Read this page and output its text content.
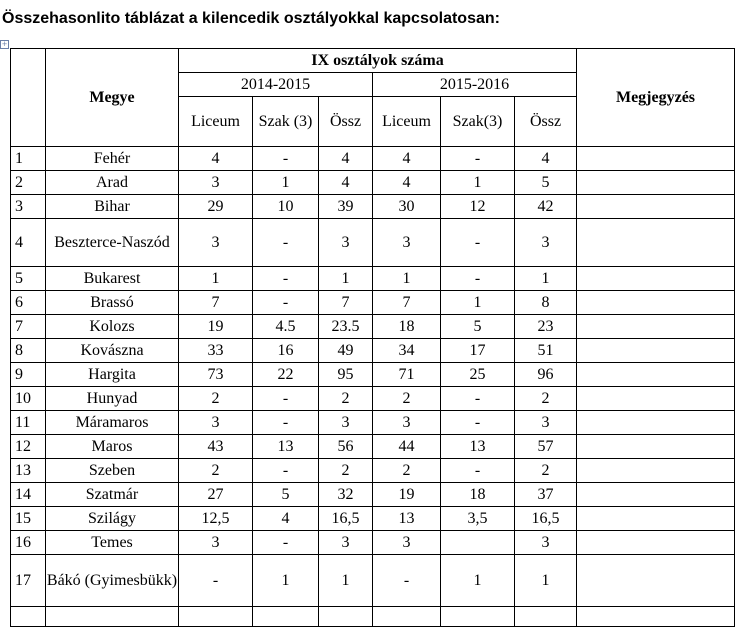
Összehasonlito táblázat a kilencedik osztályokkal kapcsolatosan:
+
	Megye	IX osztályok száma						Megjegyzés
		2014-2015			2015-2016			
		Liceum	Szak (3)	Össz	Liceum	Szak(3)	Össz	
1	Fehér	4	-	4	4	-	4	
2	Arad	3	1	4	4	1	5	
3	Bihar	29	10	39	30	12	42	
4	Beszterce-Naszód	3	-	3	3	-	3	
5	Bukarest	1	-	1	1	-	1	
6	Brassó	7	-	7	7	1	8	
7	Kolozs	19	4.5	23.5	18	5	23	
8	Kovászna	33	16	49	34	17	51	
9	Hargita	73	22	95	71	25	96	
10	Hunyad	2	-	2	2	-	2	
11	Máramaros	3	-	3	3	-	3	
12	Maros	43	13	56	44	13	57	
13	Szeben	2	-	2	2	-	2	
14	Szatmár	27	5	32	19	18	37	
15	Szilágy	12,5	4	16,5	13	3,5	16,5	
16	Temes	3	-	3	3		3	
17	Bákó (Gyimesbükk)	-	1	1	-	1	1	
